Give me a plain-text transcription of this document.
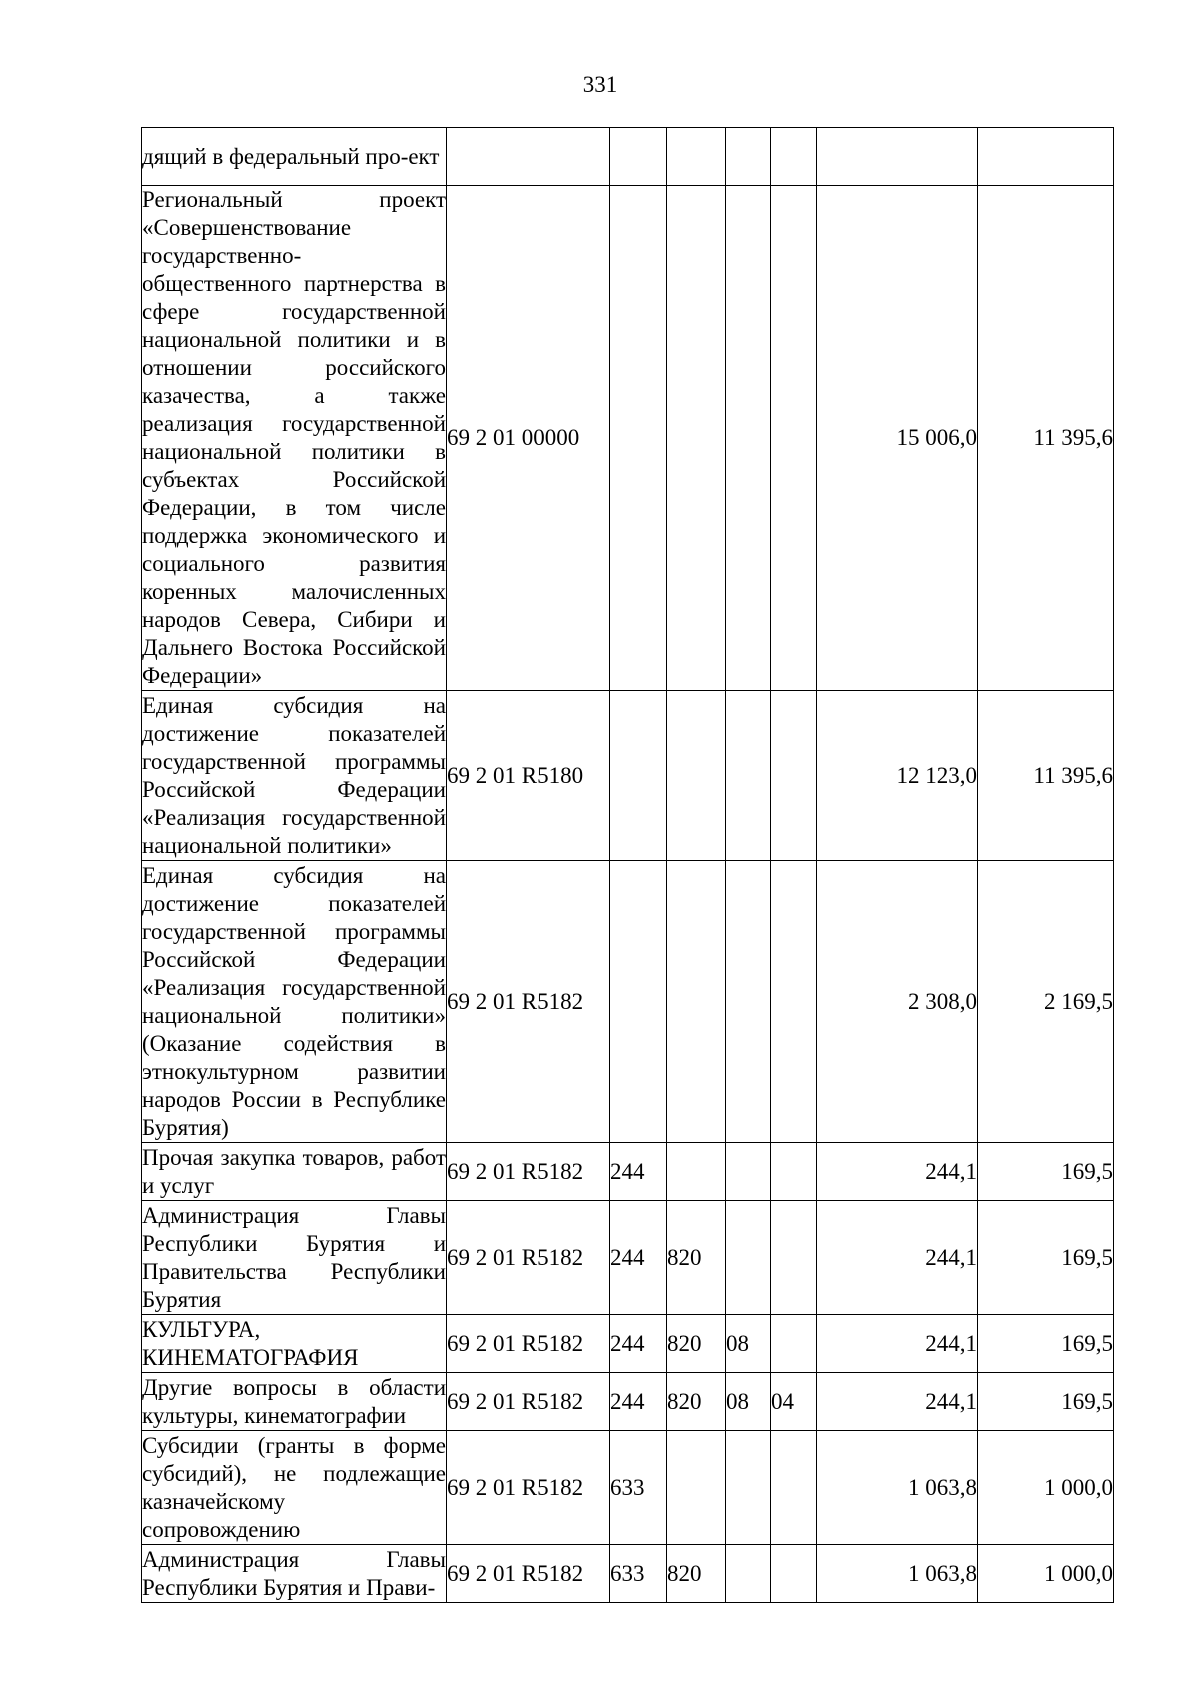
331
дящий в федеральный про-ект							
Региональный проект «Совершенствование государственно-общественного партнерства в сфере государственной национальной политики и в отношении российского казачества, а также реализация государственной национальной политики в субъектах Российской Федерации, в том числе поддержка экономического и социального развития коренных малочисленных народов Севера, Сибири и Дальнего Востока Российской Федерации»	69 2 01 00000					15 006,0	11 395,6
Единая субсидия на достижение показателей государственной программы Российской Федерации «Реализация государственной национальной политики»	69 2 01 R5180					12 123,0	11 395,6
Единая субсидия на достижение показателей государственной программы Российской Федерации «Реализация государственной национальной политики» (Оказание содействия в этнокультурном развитии народов России в Республике Бурятия)	69 2 01 R5182					2 308,0	2 169,5
Прочая закупка товаров, работ и услуг	69 2 01 R5182	244				244,1	169,5
Администрация Главы Республики Бурятия и Правительства Республики Бурятия	69 2 01 R5182	244	820			244,1	169,5
КУЛЬТУРА, КИНЕМАТОГРАФИЯ	69 2 01 R5182	244	820	08		244,1	169,5
Другие вопросы в области культуры, кинематографии	69 2 01 R5182	244	820	08	04	244,1	169,5
Субсидии (гранты в форме субсидий), не подлежащие казначейскому сопровождению	69 2 01 R5182	633				1 063,8	1 000,0
Администрация Главы Республики Бурятия и Прави-	69 2 01 R5182	633	820			1 063,8	1 000,0
